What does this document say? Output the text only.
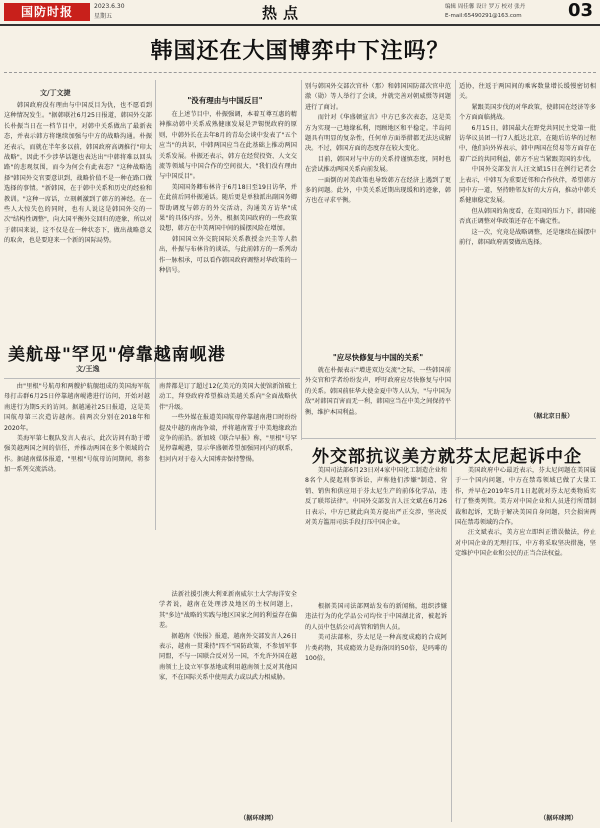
国防时报	2023.6.30
星期五	热点	编辑 周佳馨 设计 罗万 校对 张丹
E-mail:65490291@163.com	03
韩国还在大国博弈中下注吗？
文/丁文捷
"没有理由与中国反目"
　　韩国政府没有理由与中国反目为仇，也不愿看到这种情况发生。"据韩联社6月25日报道，韩国外交部长朴振当日在一档节目中，对韩中关系做出了最新表态，并表示韩方将继续加强与中方的战略沟通。朴振还表示，而就在半年多以前，韩国政府高调推行"印太战略"，因此不少涉华话题也表达出"中韩将难以回头路"的悲观氛围，而今为何会有此表态？"这种战略选择"韩国外交官要意识到，战略价值不是一种在路口做选择的事情。"新韩国，在于韩中关系和历史的经验和教训。"这种一席话，立刻刺激到了韩方的神经。在一些人大惊失色的同时，也有人说这是韩国外交的一次"结构性调整"，向大国平衡外交回归的迹象，所以对于韩国来说，这不仅是在一种状态下，做出战略意义的取舍，也是要迎来一个新的国际局势。
　　在上述节目中，朴振强调，本着互尊互惠的精神推动韩中关系成熟健康发展是尹锡悦政府的原则，中韩外长在去年8月的青岛会谈中发表了"五个应当"的共识，中韩两国应当在此基础上推动两国关系发展。朴振还表示，韩方在经贸投资、人文交流等领域与中国合作的空间很大，"我们没有理由与中国反目"。
　　美国国务卿布林肯于6月18日至19日访华，并在此前后同朴振通话。随后更是单独派出副国务卿帮助调度与韩方的外交活动，沟通美方访华"成果"的具体内容。另外，根据美国政府的一些政策设想，韩方在中美两国中间的摇摆风险在增加。
　　韩国国立外交院国际关系教授金兴圭等人指出，朴振与布林肯的谈话，与此前韩方的一系列动作一脉相承，可以看作韩国政府调整对华政策的一种信号。
别与韩国外交部次官朴（那）和韩国国防部次官申范澈（勋）等人举行了会谈，并就完善对朝威慑等问题进行了商讨。
　　而针对《华盛顿宣言》中方已多次表态，这是美方为实现一己地缘私利，罔顾地区和平稳定。半岛问题具有明显的复杂性，任何单方面举措都无法达成解决。不过，韩国方面的态度存在较大变化。
　　目前，韩国对与中方的关系持谨慎态度，同时也在尝试推动两国关系向前发展。
　　一面倒的对美政策也导致韩方在经济上遇到了更多的问题。此外，中美关系近期出现缓和的迹象，韩方也在寻求平衡。
适协，往返于两国间的乘客数量增长缓慢密切相关。
　　紧跟美国步伐的对华政策，使韩国在经济等多个方面面临挑战。
　　6月15日，韩国最大在野党共同民主党第一批访华议员团一行7人抵达北京，在随后访华的过程中，他们向外界表示，韩中两国在贸易等方面存在着广泛的共同利益，韩方不应当紧跟美国的步伐。
　　中国外交部发言人汪文斌15日在例行记者会上表示，中韩互为重要近邻和合作伙伴，希望韩方同中方一道，坚持睦邻友好的大方向，推动中韩关系健康稳定发展。
　　但从韩国的角度看，在美国的压力下，韩国能否真正调整对华政策还存在不确定性。
　　这一次，究竟是战略调整，还是继续在摇摆中前行，韩国政府需要做出选择。
（据北京日报）
"应尽快修复与中国的关系"
　　就在朴振表示"增进双边交流"之际，一些韩国前外交官和学者纷纷发声，呼吁政府应尽快修复与中国的关系。韩国前驻华大使金夏中等人认为，"与中国为敌"对韩国百害而无一利，韩国应当在中美之间保持平衡，维护本国利益。
美航母"罕见"停靠越南岘港
文/王逸
　　由"里根"号航母和两艘护航舰组成的美国海军航母打击群6月25日停靠越南岘港进行访问，开始对越南进行为期5天的访问。据越通社25日报道，这是美国航母第三次造访越南。前两次分别在2018年和2020年。
　　美海军第七舰队发言人表示，此次访问有助于增强美越两国之间的信任，并推动两国在多个领域的合作。据越南媒体报道，"里根"号航母访问期间，将参加一系列交流活动。
南普都是订了超过12亿美元的美国大使馆新馆破土动工，拜登政府希望推动美越关系向"全面战略伙伴"升级。
　　一些外媒在报道美国航母停靠越南港口时纷纷提及中越的南海争端，并将越南置于中美地缘政治竞争的前沿。新加坡《联合早报》称，"里根"号罕见停靠岘港，显示华盛顿希望加强同河内的联系，但河内对于卷入大国博弈保持警惕。
　　法新社援引澳大利亚新南威尔士大学海洋安全学者说，越南在处理涉及地区的主权问题上，其"多边"战略的实践与地区国家之间的利益存在偏差。
　　据越南《快报》报道，越南外交部发言人26日表示，越南一贯秉持"四不"国防政策，不参加军事同盟，不与一国联合反对另一国，不允许外国在越南领土上设立军事基地或利用越南领土反对其他国家，不在国际关系中使用武力或以武力相威胁。
（据环球网）
外交部抗议美方就芬太尼起诉中企
　　美国司法部6月23日对4家中国化工制造企业和8名个人提起刑事诉讼，声称他们涉嫌"制造、营销、销售和供应用于芬太尼生产的前体化学品，违反了联邦法律"。中国外交部发言人汪文斌在6月26日表示，中方已就此向美方提出严正交涉，坚决反对美方滥用司法手段打压中国企业。
　　根据美国司法部网站发布的新闻稿，组织涉嫌违法行为的化学品公司均位于中国湖北省，被起诉的人员中包括公司高管和销售人员。
　　美司法部称，芬太尼是一种高度成瘾的合成阿片类药物，其成瘾效力是海洛因的50倍，是吗啡的100倍。
　　美国政府中心最近表示，芬太尼问题在美国属于一个国内问题，中方在禁毒领域已做了大量工作，并早在2019年5月1日起就对芬太尼类物质实行了整类列管。美方对中国企业和人员进行所谓制裁和起诉，无助于解决美国自身问题，只会损害两国在禁毒领域的合作。
　　汪文斌表示，美方应立即纠正错误做法，停止对中国企业的无理打压，中方将采取坚决措施，坚定维护中国企业和公民的正当合法权益。
（据环球网）
